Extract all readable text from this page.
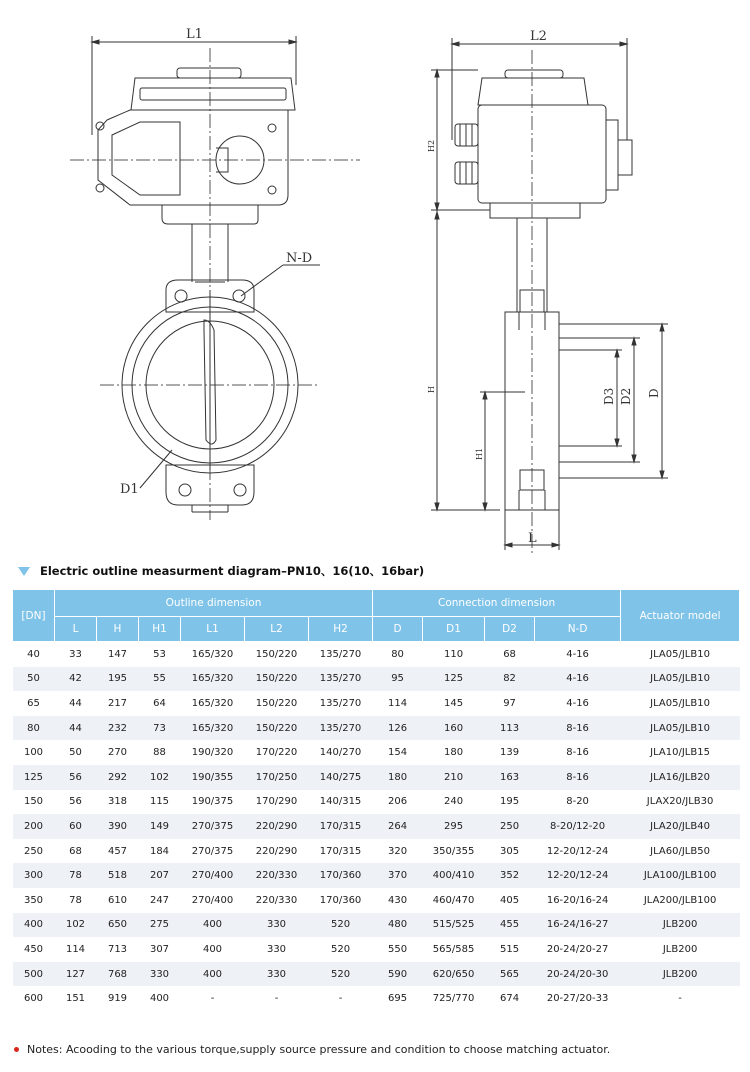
L1
N-D
D1
L2
L
H2
H
H1
D3 D2 D
Electric outline measurment diagram–PN10、16(10、16bar)
[DN]	Outline dimension						Connection dimension				Actuator model
	L	H	H1	L1	L2	H2	D	D1	D2	N-D	
40	33	147	53	165/320	150/220	135/270	80	110	68	4-16	JLA05/JLB10
50	42	195	55	165/320	150/220	135/270	95	125	82	4-16	JLA05/JLB10
65	44	217	64	165/320	150/220	135/270	114	145	97	4-16	JLA05/JLB10
80	44	232	73	165/320	150/220	135/270	126	160	113	8-16	JLA05/JLB10
100	50	270	88	190/320	170/220	140/270	154	180	139	8-16	JLA10/JLB15
125	56	292	102	190/355	170/250	140/275	180	210	163	8-16	JLA16/JLB20
150	56	318	115	190/375	170/290	140/315	206	240	195	8-20	JLAX20/JLB30
200	60	390	149	270/375	220/290	170/315	264	295	250	8-20/12-20	JLA20/JLB40
250	68	457	184	270/375	220/290	170/315	320	350/355	305	12-20/12-24	JLA60/JLB50
300	78	518	207	270/400	220/330	170/360	370	400/410	352	12-20/12-24	JLA100/JLB100
350	78	610	247	270/400	220/330	170/360	430	460/470	405	16-20/16-24	JLA200/JLB100
400	102	650	275	400	330	520	480	515/525	455	16-24/16-27	JLB200
450	114	713	307	400	330	520	550	565/585	515	20-24/20-27	JLB200
500	127	768	330	400	330	520	590	620/650	565	20-24/20-30	JLB200
600	151	919	400	-	-	-	695	725/770	674	20-27/20-33	-
Notes: Acooding to the various torque,supply source pressure and condition to choose matching actuator.
